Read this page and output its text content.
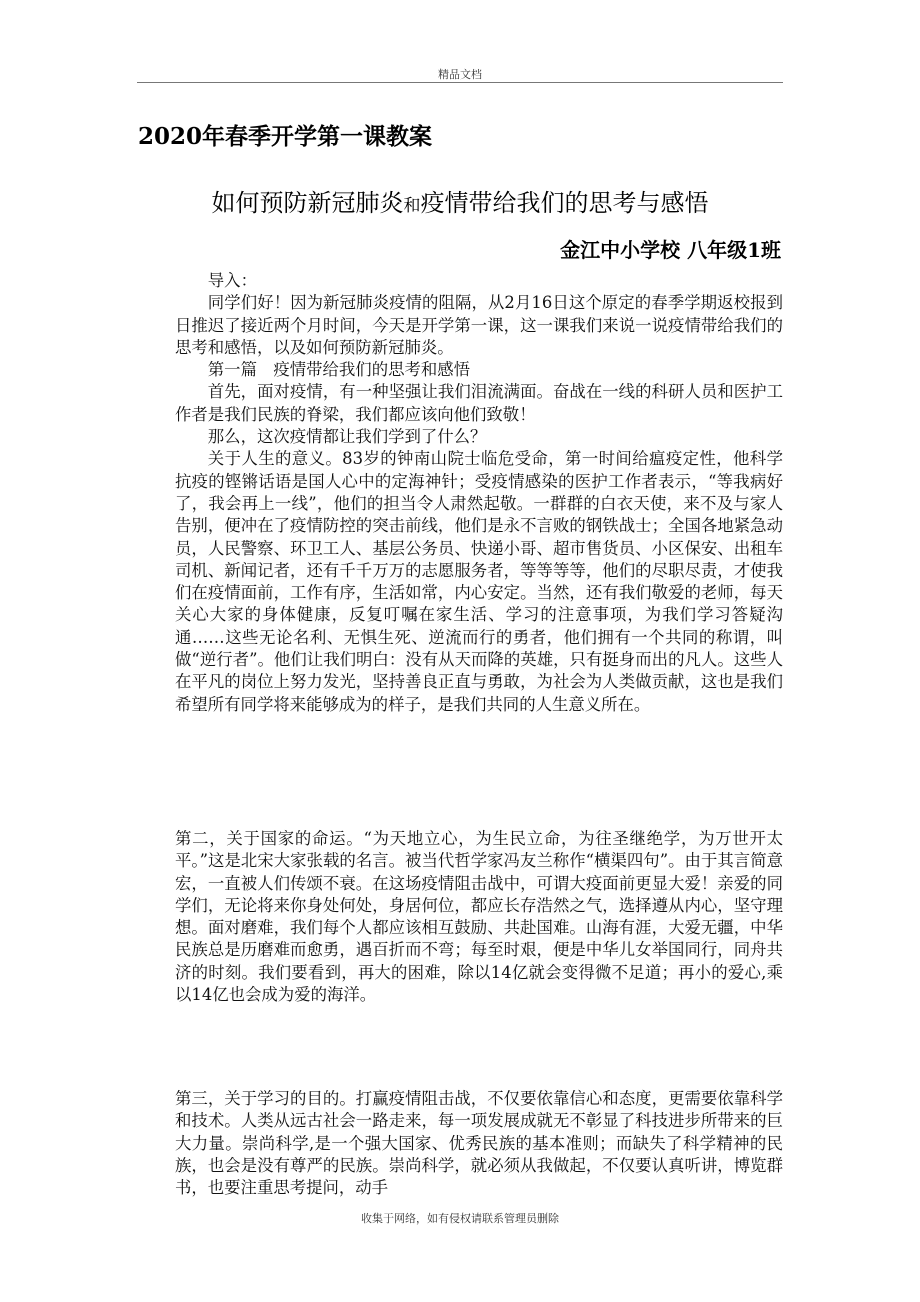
精品文档
2020年春季开学第一课教案
如何预防新冠肺炎和疫情带给我们的思考与感悟
金江中小学校 八年级1班

导入：

同学们好！因为新冠肺炎疫情的阻隔，从2月16日这个原定的春季学期返校报到日推迟了接近两个月时间，今天是开学第一课，这一课我们来说一说疫情带给我们的思考和感悟，以及如何预防新冠肺炎。

第一篇　疫情带给我们的思考和感悟

首先，面对疫情，有一种坚强让我们泪流满面。奋战在一线的科研人员和医护工作者是我们民族的脊梁，我们都应该向他们致敬！

那么，这次疫情都让我们学到了什么？

关于人生的意义。83岁的钟南山院士临危受命，第一时间给瘟疫定性，他科学抗疫的铿锵话语是国人心中的定海神针；受疫情感染的医护工作者表示，“等我病好了，我会再上一线”，他们的担当令人肃然起敬。一群群的白衣天使，来不及与家人告别，便冲在了疫情防控的突击前线，他们是永不言败的钢铁战士；全国各地紧急动员，人民警察、环卫工人、基层公务员、快递小哥、超市售货员、小区保安、出租车司机、新闻记者，还有千千万万的志愿服务者，等等等等，他们的尽职尽责，才使我们在疫情面前，工作有序，生活如常，内心安定。当然，还有我们敬爱的老师，每天关心大家的身体健康，反复叮嘱在家生活、学习的注意事项，为我们学习答疑沟通……这些无论名利、无惧生死、逆流而行的勇者，他们拥有一个共同的称谓，叫做“逆行者”。他们让我们明白：没有从天而降的英雄，只有挺身而出的凡人。这些人在平凡的岗位上努力发光，坚持善良正直与勇敢，为社会为人类做贡献，这也是我们希望所有同学将来能够成为的样子，是我们共同的人生意义所在。

第二，关于国家的命运。“为天地立心，为生民立命，为往圣继绝学，为万世开太平。”这是北宋大家张载的名言。被当代哲学家冯友兰称作“横渠四句”。由于其言简意宏，一直被人们传颂不衰。在这场疫情阻击战中，可谓大疫面前更显大爱！亲爱的同学们，无论将来你身处何处，身居何位，都应长存浩然之气，选择遵从内心，坚守理想。面对磨难，我们每个人都应该相互鼓励、共赴国难。山海有涯，大爱无疆，中华民族总是历磨难而愈勇，遇百折而不弯；每至时艰，便是中华儿女举国同行，同舟共济的时刻。我们要看到，再大的困难，除以14亿就会变得微不足道；再小的爱心,乘以14亿也会成为爱的海洋。

第三，关于学习的目的。打赢疫情阻击战，不仅要依靠信心和态度，更需要依靠科学和技术。人类从远古社会一路走来，每一项发展成就无不彰显了科技进步所带来的巨大力量。崇尚科学,是一个强大国家、优秀民族的基本准则；而缺失了科学精神的民族，也会是没有尊严的民族。崇尚科学，就必须从我做起，不仅要认真听讲，博览群书，也要注重思考提问，动手

收集于网络，如有侵权请联系管理员删除
